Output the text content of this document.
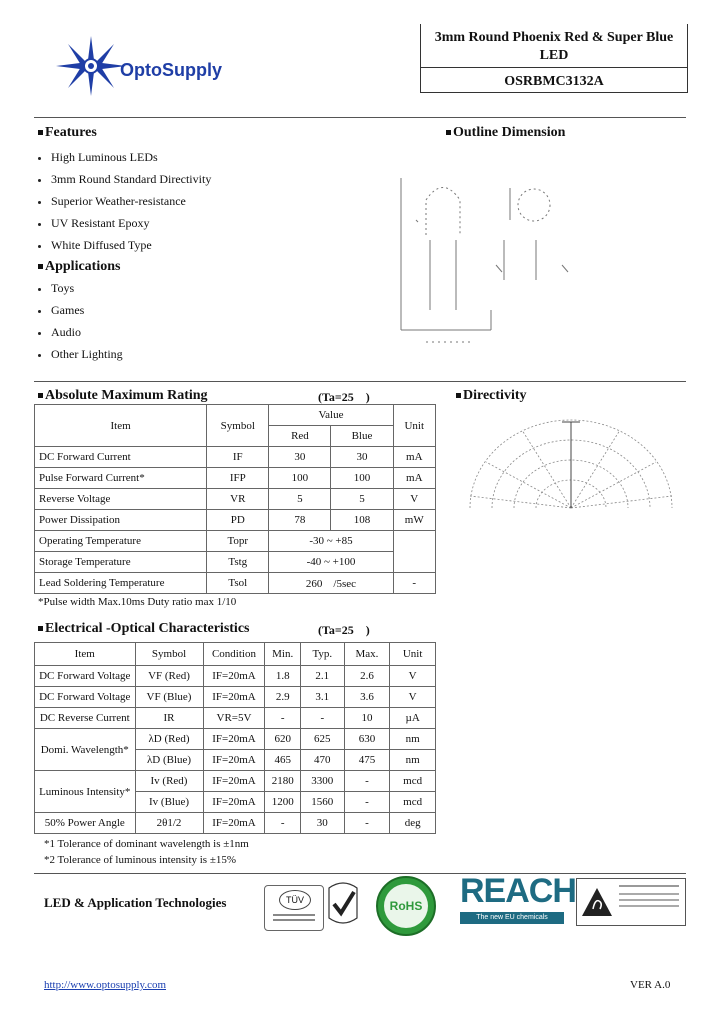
OptoSupply
3mm Round Phoenix Red & Super Blue
LED
OSRBMC3132A
Features
High Luminous LEDs
3mm Round Standard Directivity
Superior Weather-resistance
UV Resistant Epoxy
White Diffused Type
Applications
Toys
Games
Audio
Other Lighting
Outline Dimension
Absolute Maximum Rating	(Ta=25　)
Item	Symbol	Value		Unit
		Red	Blue	
DC Forward Current	IF	30	30	mA
Pulse Forward Current*	IFP	100	100	mA
Reverse Voltage	VR	5	5	V
Power Dissipation	PD	78	108	mW
Operating Temperature	Topr	-30 ~ +85		
Storage Temperature	Tstg	-40 ~ +100		
Lead Soldering Temperature	Tsol	260　/5sec		-
*Pulse width Max.10ms Duty ratio max 1/10
Directivity
Electrical -Optical Characteristics	(Ta=25　)
Item	Symbol	Condition	Min.	Typ.	Max.	Unit
DC Forward Voltage	VF (Red)	IF=20mA	1.8	2.1	2.6	V
DC Forward Voltage	VF (Blue)	IF=20mA	2.9	3.1	3.6	V
DC Reverse Current	IR	VR=5V	-	-	10	µA
Domi. Wavelength*	λD (Red)	IF=20mA	620	625	630	nm
	λD (Blue)	IF=20mA	465	470	475	nm
Luminous Intensity*	Iv (Red)	IF=20mA	2180	3300	-	mcd
	Iv (Blue)	IF=20mA	1200	1560	-	mcd
50% Power Angle	2θ1/2	IF=20mA	-	30	-	deg
*1 Tolerance of dominant wavelength is ±1nm
*2 Tolerance of luminous intensity is ±15%
LED & Application Technologies	TÜV	RoHS REACH
The new EU chemicals legislation
http://www.optosupply.com	VER A.0
